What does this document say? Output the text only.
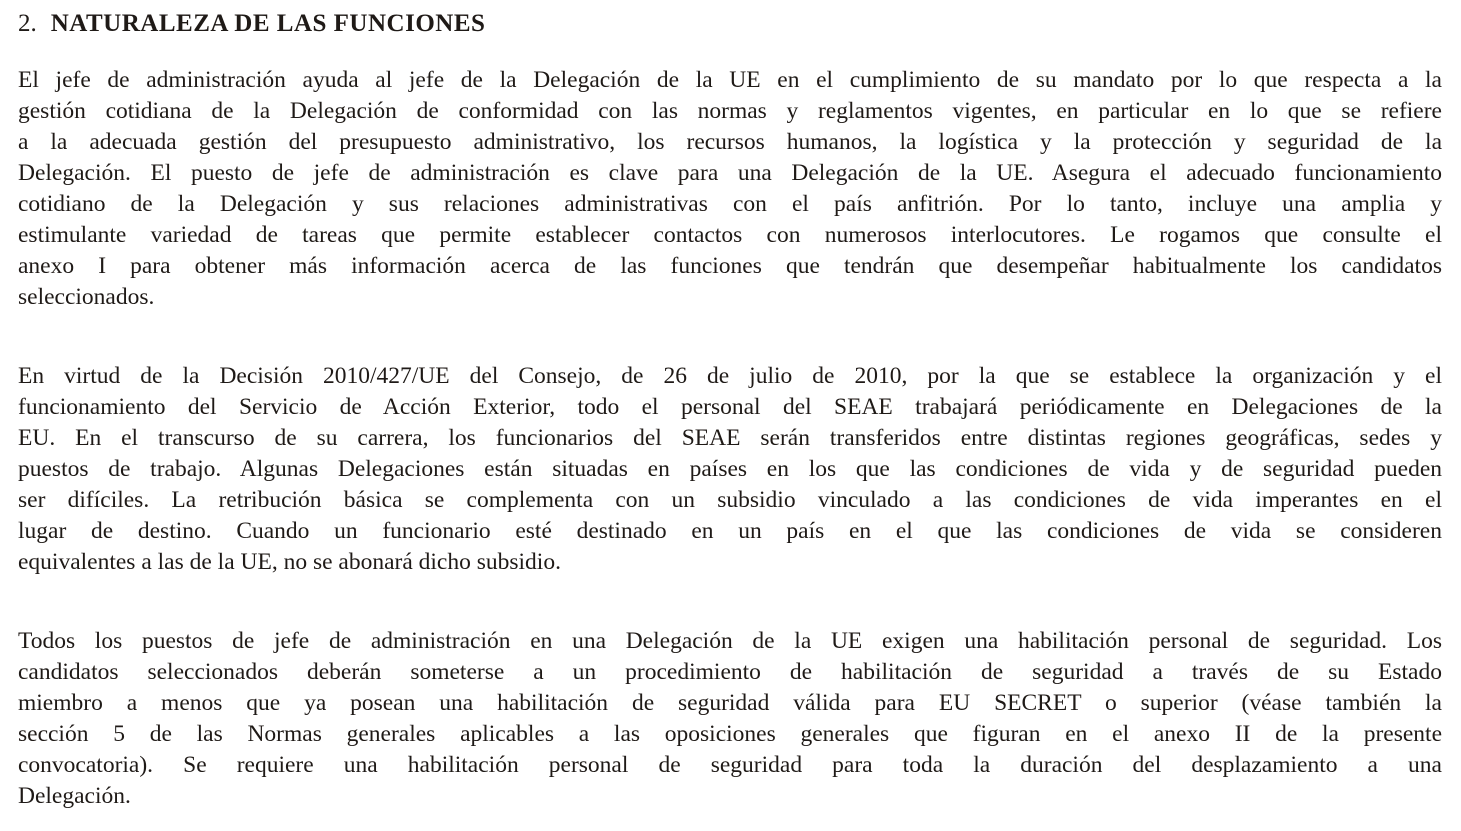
2. NATURALEZA DE LAS FUNCIONES
El jefe de administración ayuda al jefe de la Delegación de la UE en el cumplimiento de su mandato por lo que respecta a la
gestión cotidiana de la Delegación de conformidad con las normas y reglamentos vigentes, en particular en lo que se refiere
a la adecuada gestión del presupuesto administrativo, los recursos humanos, la logística y la protección y seguridad de la
Delegación. El puesto de jefe de administración es clave para una Delegación de la UE. Asegura el adecuado funcionamiento
cotidiano de la Delegación y sus relaciones administrativas con el país anfitrión. Por lo tanto, incluye una amplia y
estimulante variedad de tareas que permite establecer contactos con numerosos interlocutores. Le rogamos que consulte el
anexo I para obtener más información acerca de las funciones que tendrán que desempeñar habitualmente los candidatos
seleccionados.
En virtud de la Decisión 2010/427/UE del Consejo, de 26 de julio de 2010, por la que se establece la organización y el
funcionamiento del Servicio de Acción Exterior, todo el personal del SEAE trabajará periódicamente en Delegaciones de la
EU. En el transcurso de su carrera, los funcionarios del SEAE serán transferidos entre distintas regiones geográficas, sedes y
puestos de trabajo. Algunas Delegaciones están situadas en países en los que las condiciones de vida y de seguridad pueden
ser difíciles. La retribución básica se complementa con un subsidio vinculado a las condiciones de vida imperantes en el
lugar de destino. Cuando un funcionario esté destinado en un país en el que las condiciones de vida se consideren
equivalentes a las de la UE, no se abonará dicho subsidio.
Todos los puestos de jefe de administración en una Delegación de la UE exigen una habilitación personal de seguridad. Los
candidatos seleccionados deberán someterse a un procedimiento de habilitación de seguridad a través de su Estado
miembro a menos que ya posean una habilitación de seguridad válida para EU SECRET o superior (véase también la
sección 5 de las Normas generales aplicables a las oposiciones generales que figuran en el anexo II de la presente
convocatoria). Se requiere una habilitación personal de seguridad para toda la duración del desplazamiento a una
Delegación.
